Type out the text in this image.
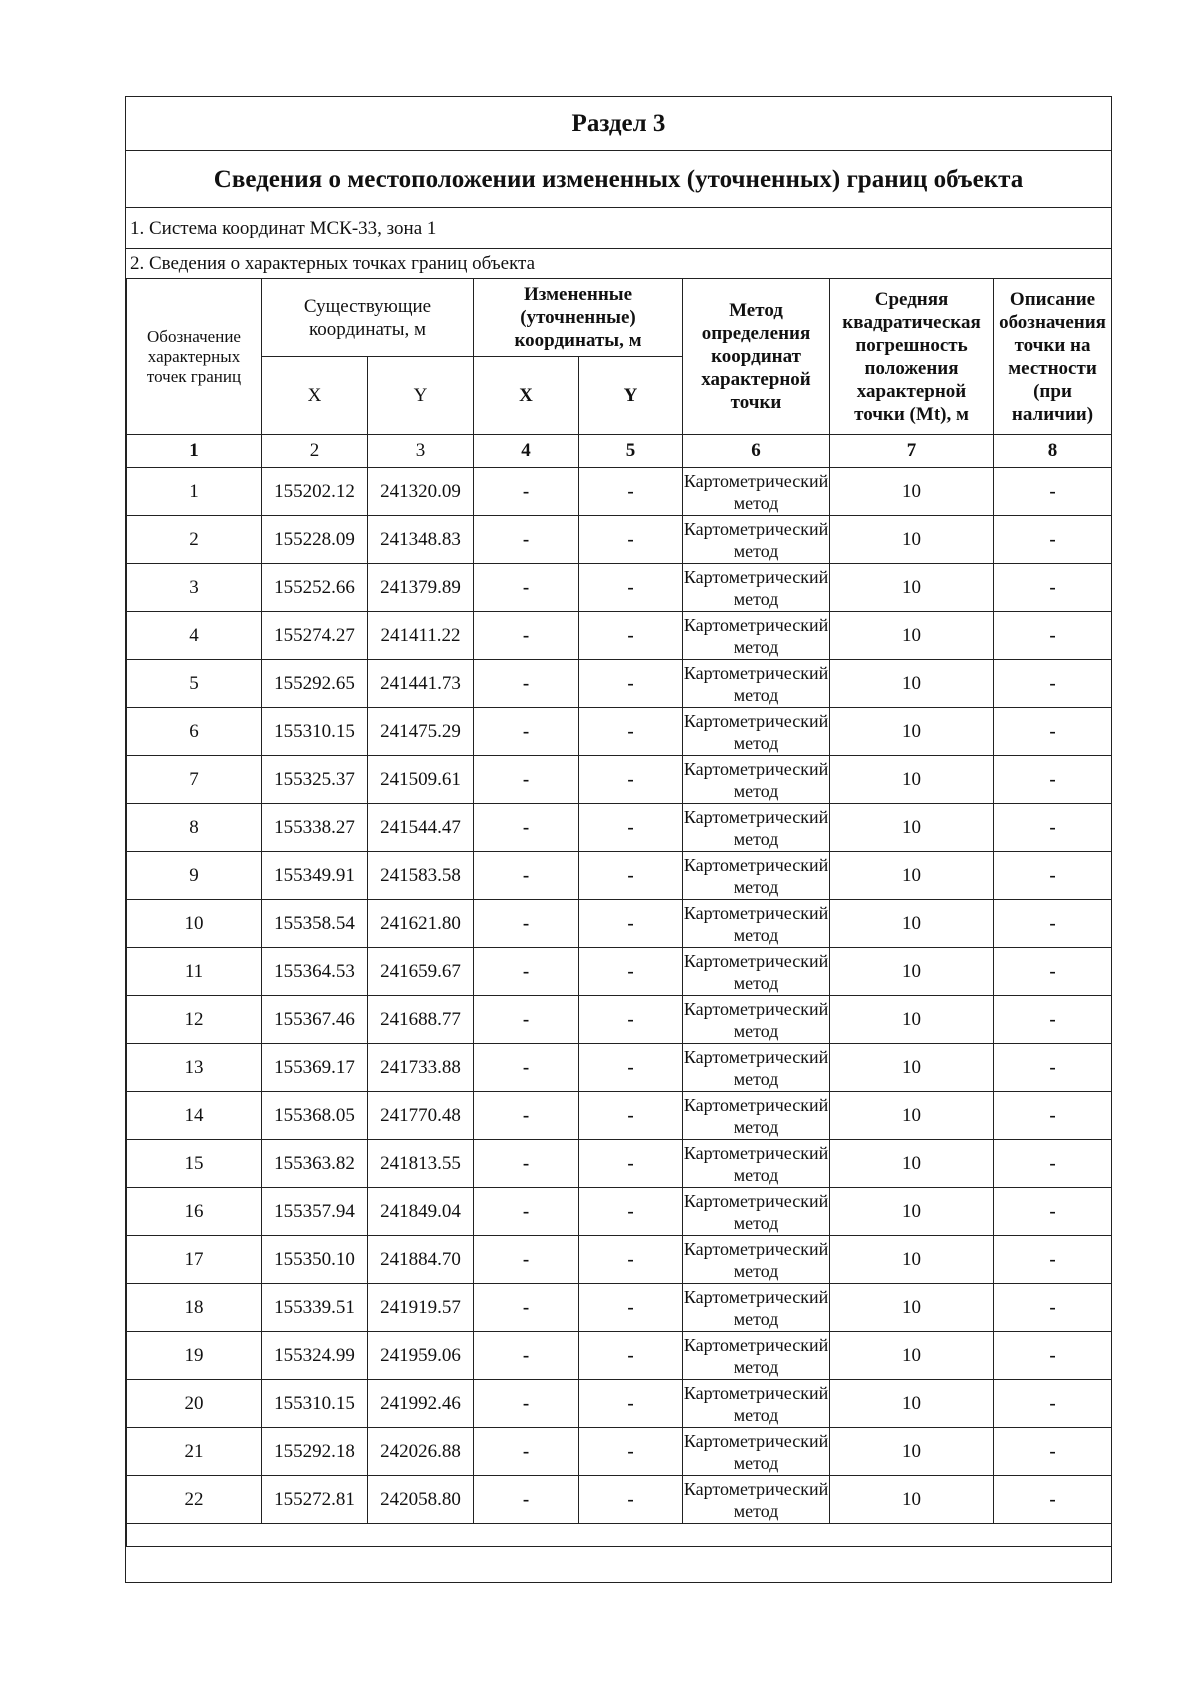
Раздел 3
Сведения о местоположении измененных (уточненных) границ объекта
1. Система координат МСК-33, зона 1
2. Сведения о характерных точках границ объекта
Обозначение характерных точек границ	Существующие координаты, м		Измененные (уточненные) координаты, м		Метод определения координат характерной точки	Средняя квадратическая погрешность положения характерной точки (Mt), м	Описание обозначения точки на местности (при наличии)
	X	Y	X	Y			
1	2	3	4	5	6	7	8
1	155202.12	241320.09	-	-	Картометрический метод	10	-
2	155228.09	241348.83	-	-	Картометрический метод	10	-
3	155252.66	241379.89	-	-	Картометрический метод	10	-
4	155274.27	241411.22	-	-	Картометрический метод	10	-
5	155292.65	241441.73	-	-	Картометрический метод	10	-
6	155310.15	241475.29	-	-	Картометрический метод	10	-
7	155325.37	241509.61	-	-	Картометрический метод	10	-
8	155338.27	241544.47	-	-	Картометрический метод	10	-
9	155349.91	241583.58	-	-	Картометрический метод	10	-
10	155358.54	241621.80	-	-	Картометрический метод	10	-
11	155364.53	241659.67	-	-	Картометрический метод	10	-
12	155367.46	241688.77	-	-	Картометрический метод	10	-
13	155369.17	241733.88	-	-	Картометрический метод	10	-
14	155368.05	241770.48	-	-	Картометрический метод	10	-
15	155363.82	241813.55	-	-	Картометрический метод	10	-
16	155357.94	241849.04	-	-	Картометрический метод	10	-
17	155350.10	241884.70	-	-	Картометрический метод	10	-
18	155339.51	241919.57	-	-	Картометрический метод	10	-
19	155324.99	241959.06	-	-	Картометрический метод	10	-
20	155310.15	241992.46	-	-	Картометрический метод	10	-
21	155292.18	242026.88	-	-	Картометрический метод	10	-
22	155272.81	242058.80	-	-	Картометрический метод	10	-
